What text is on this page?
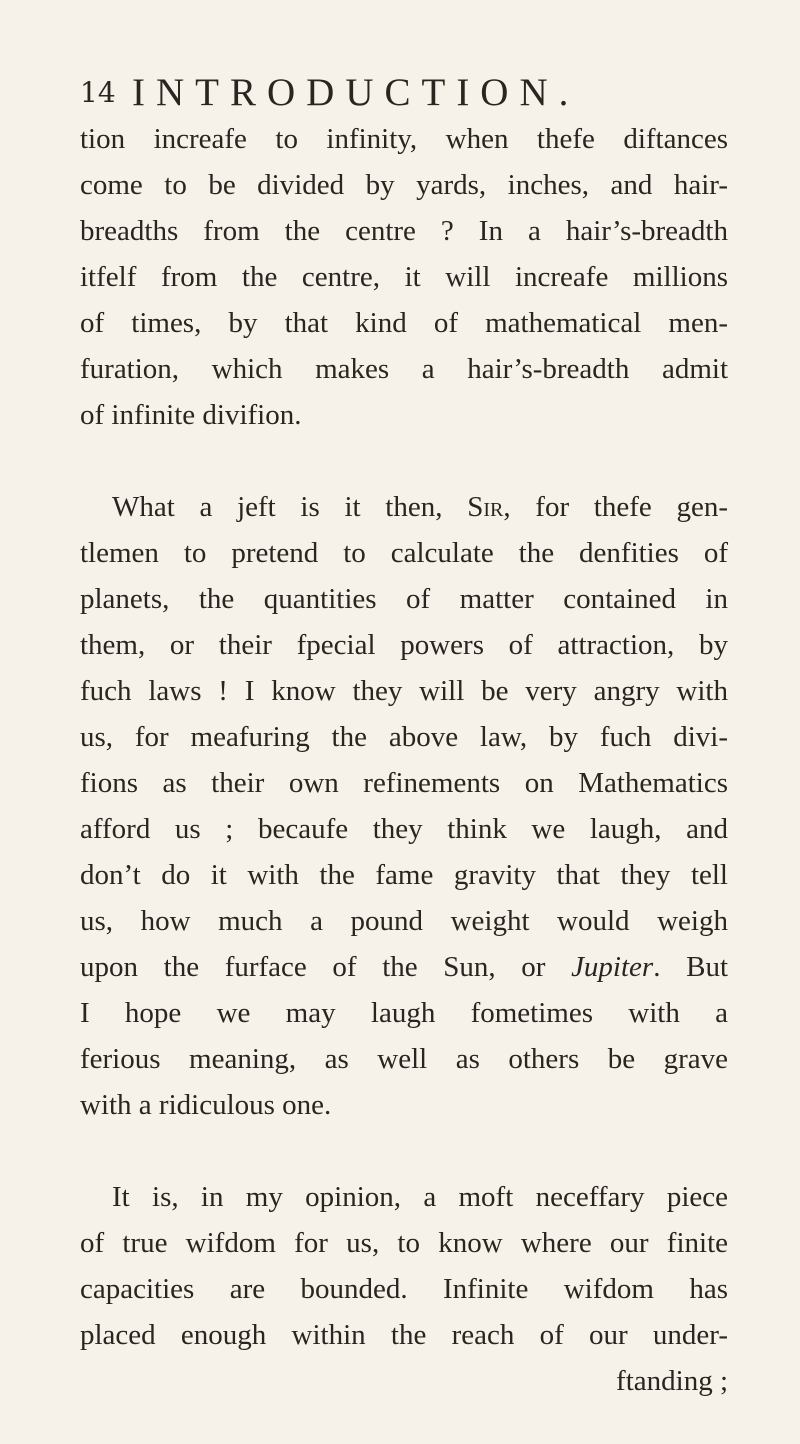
14 INTRODUCTION.
tion increafe to infinity, when thefe diftances
come to be divided by yards, inches, and hair-
breadths from the centre ? In a hair’s-breadth
itfelf from the centre, it will increafe millions
of times, by that kind of mathematical men-
furation, which makes a hair’s-breadth admit
of infinite divifion.
What a jeft is it then, Sir, for thefe gen-
tlemen to pretend to calculate the denfities of
planets, the quantities of matter contained in
them, or their fpecial powers of attraction, by
fuch laws ! I know they will be very angry with
us, for meafuring the above law, by fuch divi-
fions as their own refinements on Mathematics
afford us ; becaufe they think we laugh, and
don’t do it with the fame gravity that they tell
us, how much a pound weight would weigh
upon the furface of the Sun, or Jupiter. But
I hope we may laugh fometimes with a
ferious meaning, as well as others be grave
with a ridiculous one.
It is, in my opinion, a moft neceffary piece
of true wifdom for us, to know where our finite
capacities are bounded. Infinite wifdom has
placed enough within the reach of our under-
ftanding ;
